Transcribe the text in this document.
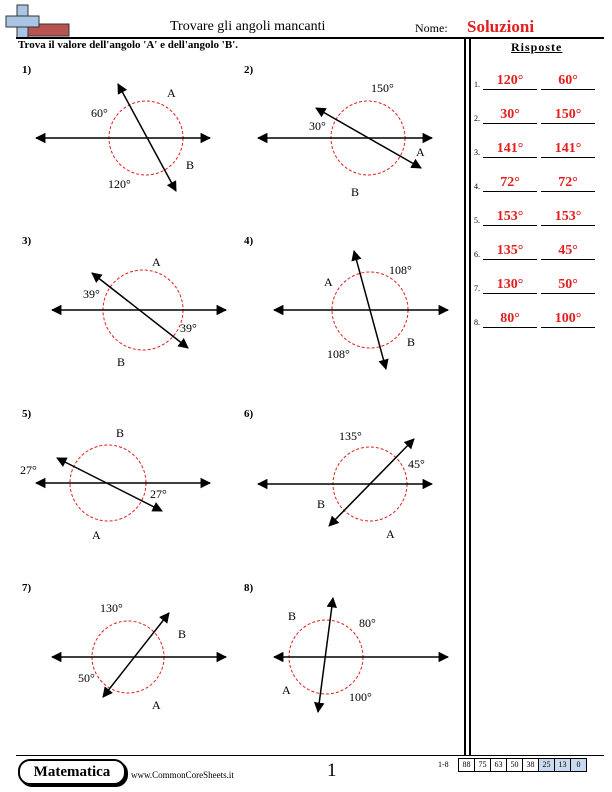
Trovare gli angoli mancanti	Nome: Soluzioni
Trova il valore dell'angolo 'A' e dell'angolo 'B'.	Risposte
1.	120°	60°
2.	30°	150°
3.	141°	141°
4.	72°	72°
5.	153°	153°
6.	135°	45°
7.	130°	50°
8.	80°	100°
1)	2)
3)	4)
5)	6)
7)	8)
60°
120°
A
B
150°
30°
A
B
A
39°
39°
B
108°
A
B
108°
B
27°
27°
A
135°
45°
B
A
130°
B
50°
A
B	80°
A	100°
Matematica	www.CommonCoreSheets.it	1	1-8	88	75	63	50	38	25	13	0
